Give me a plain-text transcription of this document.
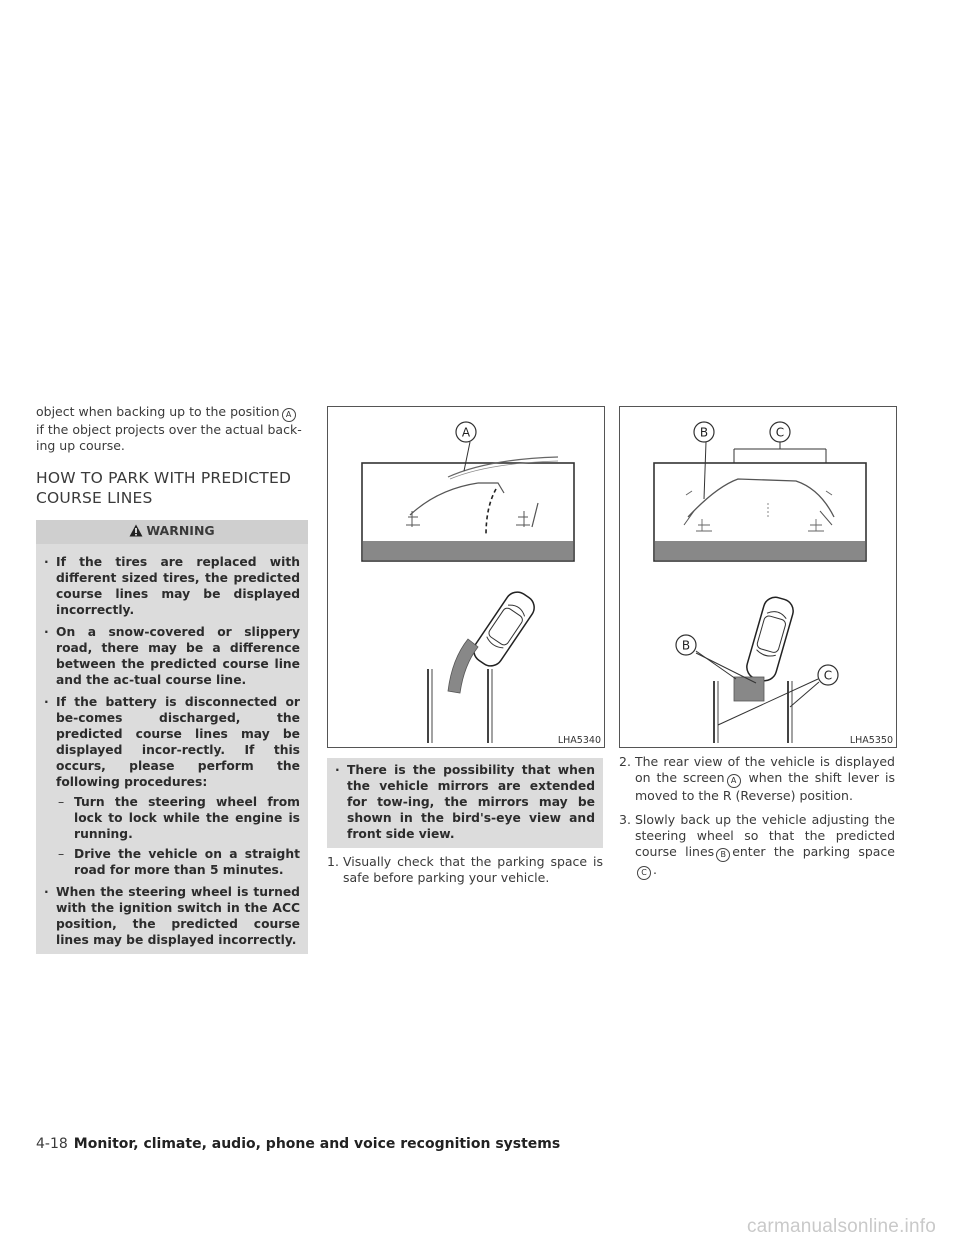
object when backing up to the position A
if the object projects over the actual back-ing up course.

HOW TO PARK WITH PREDICTED
COURSE LINES
WARNING
· If the tires are replaced with different sized tires, the predicted course lines may be displayed incorrectly.
· On a snow-covered or slippery road, there may be a difference between the predicted course line and the ac-tual course line.
· If the battery is disconnected or be-comes discharged, the predicted course lines may be displayed incor-rectly. If this occurs, please perform the following procedures:
– Turn the steering wheel from lock to lock while the engine is running.
– Drive the vehicle on a straight road for more than 5 minutes.
· When the steering wheel is turned with the ignition switch in the ACC position, the predicted course lines may be displayed incorrectly.
A
LHA5340
· There is the possibility that when the vehicle mirrors are extended for tow-ing, the mirrors may be shown in the bird's-eye view and front side view.
1. Visually check that the parking space is safe before parking your vehicle.
B	C
B
C
LHA5350
2. The rear view of the vehicle is displayed on the screen A when the shift lever is moved to the R (Reverse) position.
3. Slowly back up the vehicle adjusting the steering wheel so that the predicted course lines B enter the parking space C .
4-18 Monitor, climate, audio, phone and voice recognition systems
carmanualsonline.info
